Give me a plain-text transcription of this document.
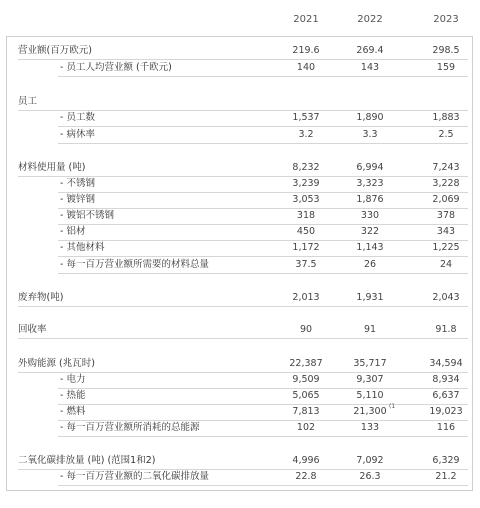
2021	2022	2023
营业额(百万欧元)	219.6	269.4	298.5
- 员工人均营业额 (千欧元)	140	143	159
员工
- 员工数	1,537	1,890	1,883
- 病休率	3.2	3.3	2.5
材料使用量 (吨)	8,232	6,994	7,243
- 不锈钢	3,239	3,323	3,228
- 镀锌钢	3,053	1,876	2,069
- 镀铝不锈钢	318	330	378
- 铝材	450	322	343
- 其他材料	1,172	1,143	1,225
- 每一百万营业额所需要的材料总量	37.5	26	24
废弃物(吨)	2,013	1,931	2,043
回收率	90	91	91.8
外购能源 (兆瓦时)	22,387	35,717	34,594
- 电力	9,509	9,307	8,934
- 热能	5,065	5,110	6,637
- 燃料	7,813	21,300 (1	19,023
- 每一百万营业额所消耗的总能源	102	133	116
二氧化碳排放量 (吨) (范围1和2)	4,996	7,092	6,329
- 每一百万营业额的二氧化碳排放量	22.8	26.3	21.2
